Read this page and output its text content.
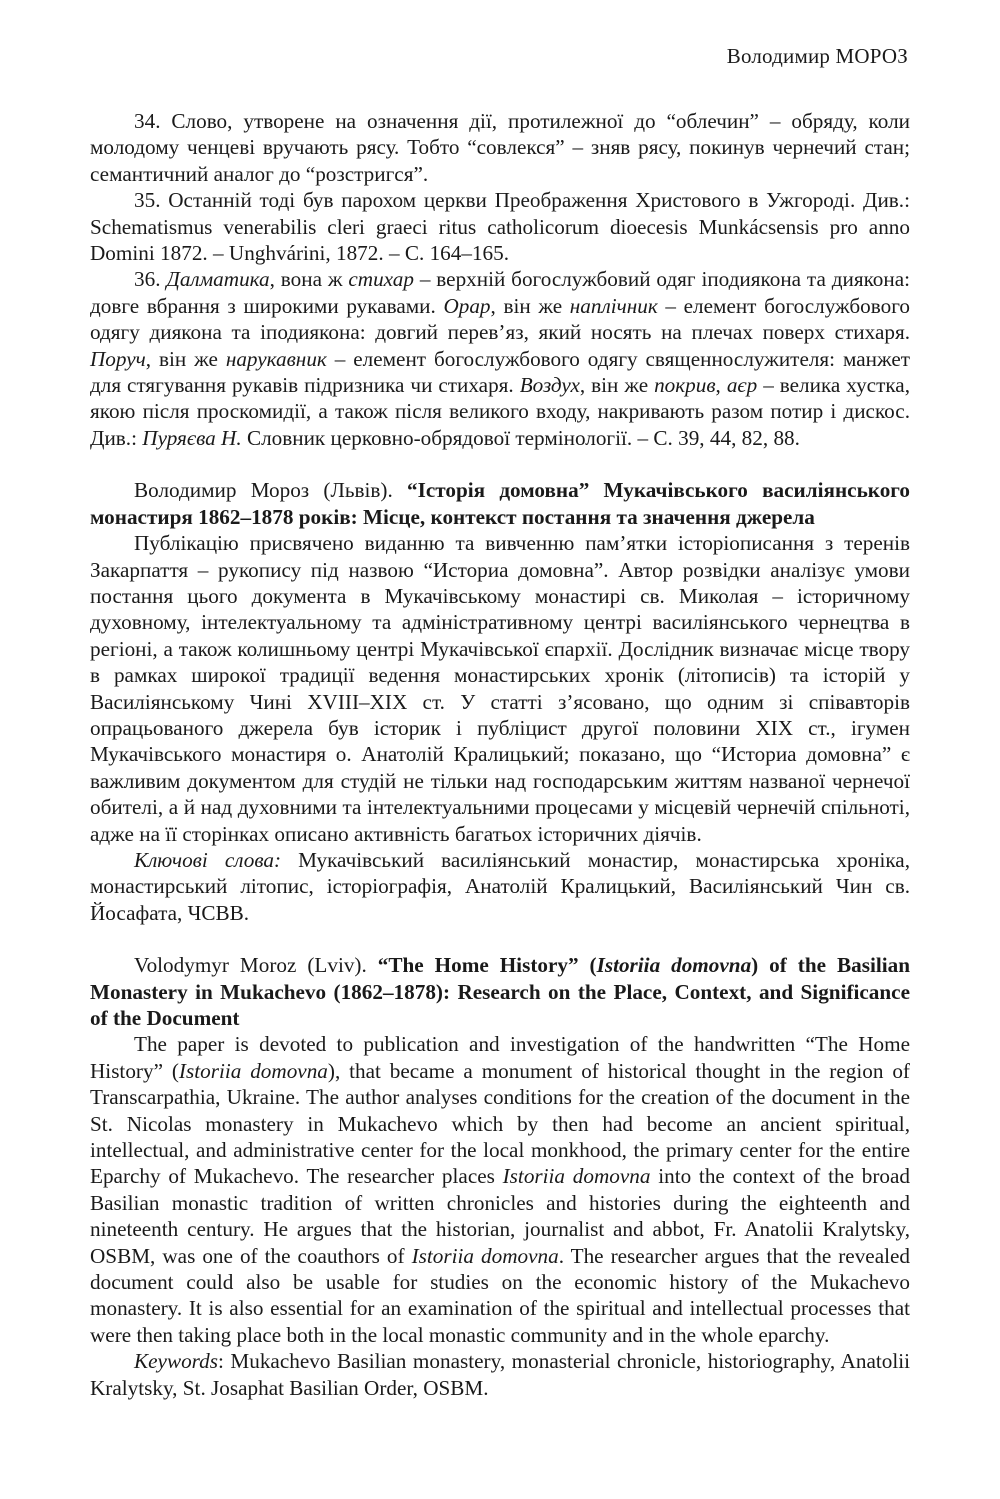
Володимир МОРОЗ

34. Слово, утворене на означення дії, протилежної до “облечин” – обряду, коли молодому ченцеві вручають рясу. Тобто “совлекся” – зняв рясу, покинув чернечий стан; семантичний аналог до “розстригся”.

35. Останній тоді був парохом церкви Преображення Христового в Ужгороді. Див.: Schematismus venerabilis cleri graeci ritus catholicorum dioecesis Munkácsensis pro anno Domini 1872. – Unghvárini, 1872. – С. 164–165.

36. Далматика, вона ж стихар – верхній богослужбовий одяг іподиякона та диякона: довге вбрання з широкими рукавами. Орар, він же наплічник – елемент богослужбового одягу диякона та іподиякона: довгий перев’яз, який носять на плечах поверх стихаря. Поруч, він же нарукавник – елемент богослужбового одягу священнослужителя: манжет для стягування рукавів підризника чи стихаря. Воздух, він же покрив, аєр – велика хустка, якою після проскомидії, а також після великого входу, накривають разом потир і дискос. Див.: Пуряєва Н. Словник церковно-обрядової термінології. – С. 39, 44, 82, 88.

Володимир Мороз (Львів). “Історія домовна” Мукачівського василіянського монастиря 1862–1878 років: Місце, контекст постання та значення джерела

Публікацію присвячено виданню та вивченню пам’ятки історіописання з теренів Закарпаття – рукопису під назвою “Историа домовна”. Автор розвідки аналізує умови постання цього документа в Мукачівському монастирі св. Миколая – історичному духовному, інтелектуальному та адміністративному центрі василіянського чернецтва в регіоні, а також колишньому центрі Мукачівської єпархії. Дослідник визначає місце твору в рамках широкої традиції ведення монастирських хронік (літописів) та історій у Василіянському Чині XVIII–XIX ст. У статті з’ясовано, що одним зі співавторів опрацьованого джерела був історик і публіцист другої половини XIX ст., ігумен Мукачівського монастиря о. Анатолій Кралицький; показано, що “Историа домовна” є важливим документом для студій не тільки над господарським життям названої чернечої обителі, а й над духовними та інтелектуальними процесами у місцевій чернечій спільноті, адже на її сторінках описано активність багатьох історичних діячів.

Ключові слова: Мукачівський василіянський монастир, монастирська хроніка, монастирський літопис, історіографія, Анатолій Кралицький, Василіянський Чин св. Йосафата, ЧСВВ.

Volodymyr Moroz (Lviv). “The Home History” (Istoriia domovna) of the Basilian Monastery in Mukachevo (1862–1878): Research on the Place, Context, and Significance of the Document

The paper is devoted to publication and investigation of the handwritten “The Home History” (Istoriia domovna), that became a monument of historical thought in the region of Transcarpathia, Ukraine. The author analyses conditions for the creation of the document in the St. Nicolas monastery in Mukachevo which by then had become an ancient spiritual, intellectual, and administrative center for the local monkhood, the primary center for the entire Eparchy of Mukachevo. The researcher places Istoriia domovna into the context of the broad Basilian monastic tradition of written chronicles and histories during the eighteenth and nineteenth century. He argues that the historian, journalist and abbot, Fr. Anatolii Kralytsky, OSBM, was one of the coauthors of Istoriia domovna. The researcher argues that the revealed document could also be usable for studies on the economic history of the Mukachevo monastery. It is also essential for an examination of the spiritual and intellectual processes that were then taking place both in the local monastic community and in the whole eparchy.

Keywords: Mukachevo Basilian monastery, monasterial chronicle, historiography, Anatolii Kralytsky, St. Josaphat Basilian Order, OSBM.
